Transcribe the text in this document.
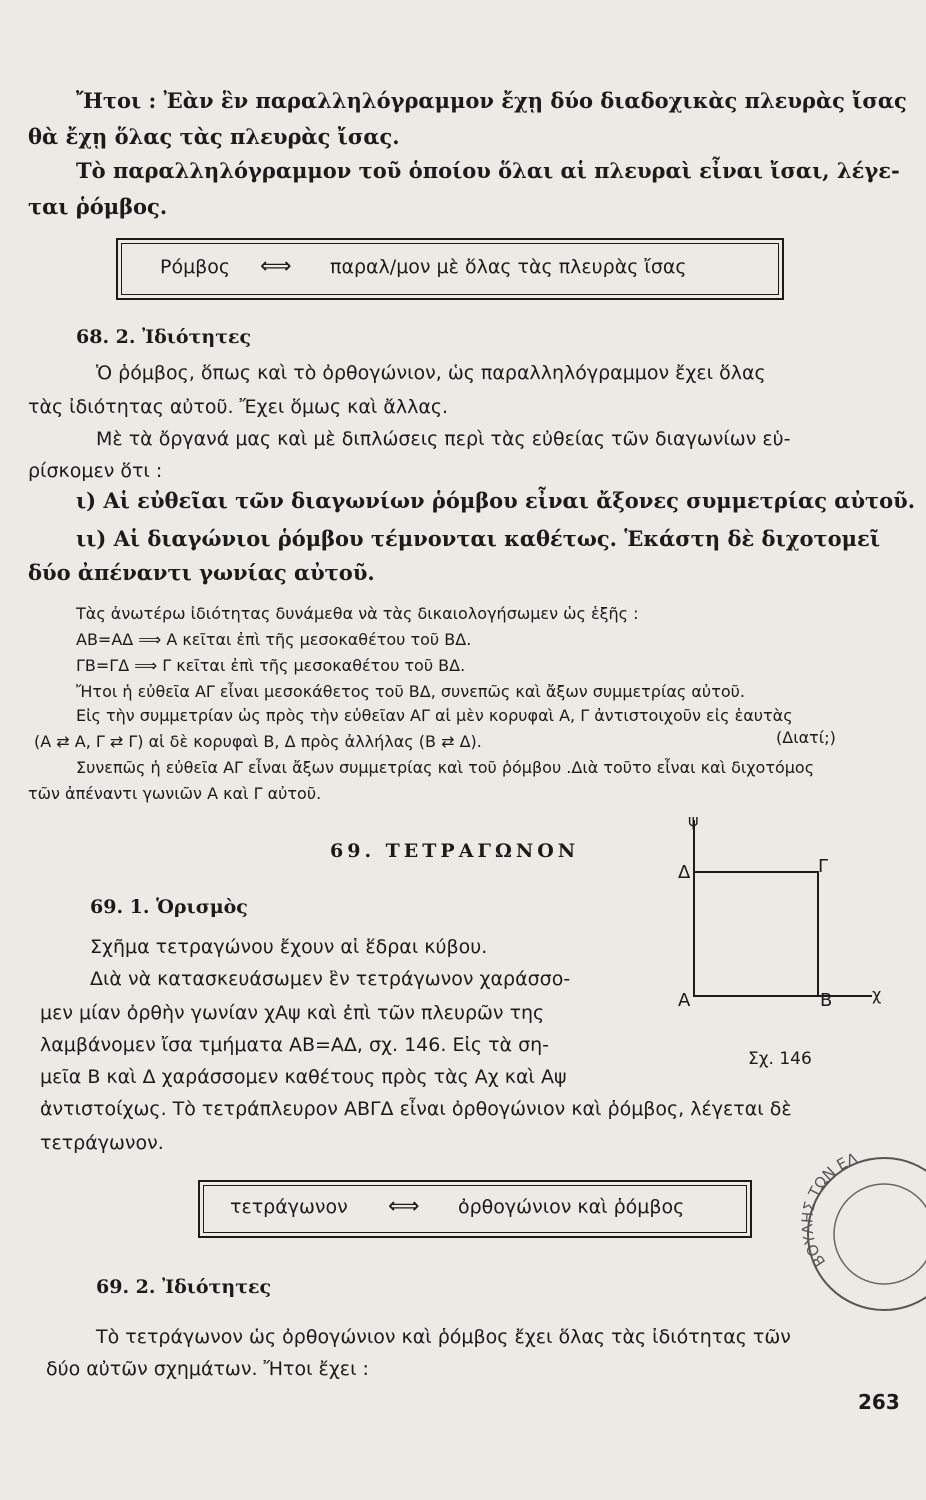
Ἤτοι : Ἐὰν ἓν παραλληλόγραμμον ἔχῃ δύο διαδοχικὰς πλευρὰς ἴσας
θὰ ἔχῃ ὅλας τὰς πλευρὰς ἴσας.
Τὸ παραλληλόγραμμον τοῦ ὁποίου ὅλαι αἱ πλευραὶ εἶναι ἴσαι, λέγε-
ται ῥόμβος.
Ρόμβος ⟺ παραλ/μον μὲ ὅλας τὰς πλευρὰς ἴσας
68. 2. Ἰδιότητες
Ὁ ῥόμβος, ὅπως καὶ τὸ ὀρθογώνιον, ὡς παραλληλόγραμμον ἔχει ὅλας
τὰς ἰδιότητας αὐτοῦ. Ἔχει ὅμως καὶ ἄλλας.
Μὲ τὰ ὄργανά μας καὶ μὲ διπλώσεις περὶ τὰς εὐθείας τῶν διαγωνίων εὑ-
ρίσκομεν ὅτι :
ι) Αἱ εὐθεῖαι τῶν διαγωνίων ῥόμβου εἶναι ἄξονες συμμετρίας αὐτοῦ.
ιι) Αἱ διαγώνιοι ῥόμβου τέμνονται καθέτως. Ἑκάστη δὲ διχοτομεῖ
δύο ἀπέναντι γωνίας αὐτοῦ.
Τὰς ἀνωτέρω ἰδιότητας δυνάμεθα νὰ τὰς δικαιολογήσωμεν ὡς ἑξῆς :
ΑΒ=ΑΔ ⟹ Α κεῖται ἐπὶ τῆς μεσοκαθέτου τοῦ ΒΔ.
ΓΒ=ΓΔ ⟹ Γ κεῖται ἐπὶ τῆς μεσοκαθέτου τοῦ ΒΔ.
Ἤτοι ἡ εὐθεῖα ΑΓ εἶναι μεσοκάθετος τοῦ ΒΔ, συνεπῶς καὶ ἄξων συμμετρίας αὐτοῦ.
Εἰς τὴν συμμετρίαν ὡς πρὸς τὴν εὐθεῖαν ΑΓ αἱ μὲν κορυφαὶ Α, Γ ἀντιστοιχοῦν εἰς ἑαυτὰς
(Α ⇄ Α, Γ ⇄ Γ) αἱ δὲ κορυφαὶ Β, Δ πρὸς ἀλλήλας (Β ⇄ Δ).	(Διατί;)
Συνεπῶς ἡ εὐθεῖα ΑΓ εἶναι ἄξων συμμετρίας καὶ τοῦ ῥόμβου .Διὰ τοῦτο εἶναι καὶ διχοτόμος
τῶν ἀπέναντι γωνιῶν Α καὶ Γ αὐτοῦ.
69. ΤΕΤΡΑΓΩΝΟΝ
69. 1. Ὁρισμὸς
Σχῆμα τετραγώνου ἔχουν αἱ ἕδραι κύβου.
Διὰ νὰ κατασκευάσωμεν ἓν τετράγωνον χαράσσο-
μεν μίαν ὀρθὴν γωνίαν χΑψ καὶ ἐπὶ τῶν πλευρῶν της
λαμβάνομεν ἴσα τμήματα ΑΒ=ΑΔ, σχ. 146. Εἰς τὰ ση-
μεῖα Β καὶ Δ χαράσσομεν καθέτους πρὸς τὰς Αχ καὶ Αψ
ἀντιστοίχως. Τὸ τετράπλευρον ΑΒΓΔ εἶναι ὀρθογώνιον καὶ ῥόμβος, λέγεται δὲ
τετράγωνον.
ψ
Δ	Γ
Α	Β χ
Σχ. 146
τετράγωνον ⟺ ὀρθογώνιον καὶ ῥόμβος
ΒΟΥΛΗΣ ΤΩΝ ΕΛ
69. 2. Ἰδιότητες
Τὸ τετράγωνον ὡς ὀρθογώνιον καὶ ῥόμβος ἔχει ὅλας τὰς ἰδιότητας τῶν
δύο αὐτῶν σχημάτων. Ἤτοι ἔχει :
263
